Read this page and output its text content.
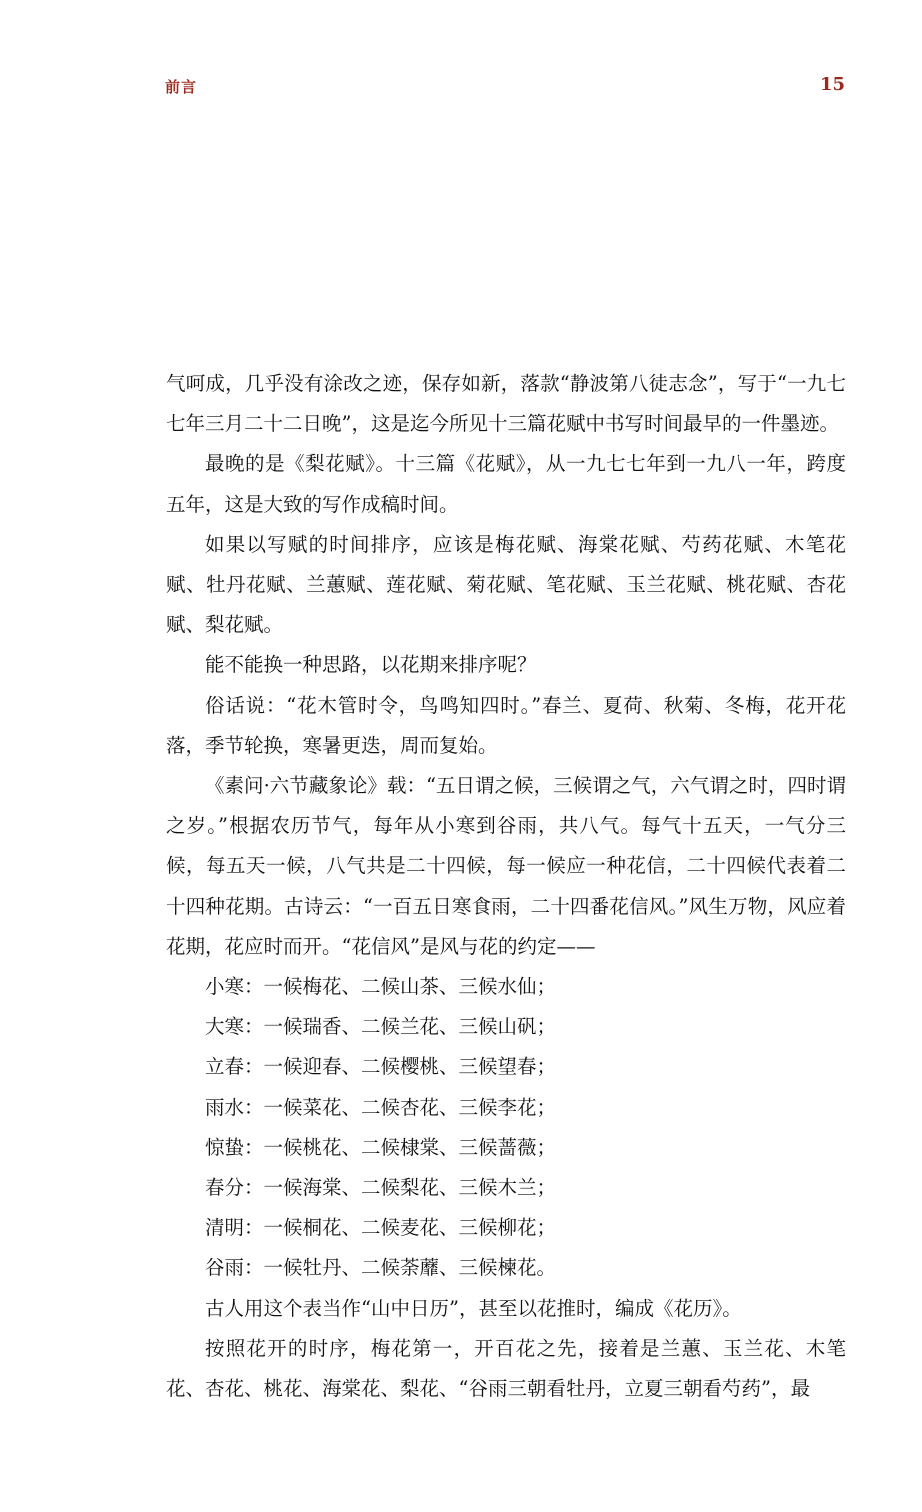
前言	15

气呵成，几乎没有涂改之迹，保存如新，落款“静波第八徒志念”，写于“一九七七年三月二十二日晚”，这是迄今所见十三篇花赋中书写时间最早的一件墨迹。

最晚的是《梨花赋》。十三篇《花赋》，从一九七七年到一九八一年，跨度五年，这是大致的写作成稿时间。

如果以写赋的时间排序，应该是梅花赋、海棠花赋、芍药花赋、木笔花赋、牡丹花赋、兰蕙赋、莲花赋、菊花赋、笔花赋、玉兰花赋、桃花赋、杏花赋、梨花赋。

能不能换一种思路，以花期来排序呢？

俗话说：“花木管时令，鸟鸣知四时。”春兰、夏荷、秋菊、冬梅，花开花落，季节轮换，寒暑更迭，周而复始。

《素问·六节藏象论》载：“五日谓之候，三候谓之气，六气谓之时，四时谓之岁。”根据农历节气，每年从小寒到谷雨，共八气。每气十五天，一气分三候，每五天一候，八气共是二十四候，每一候应一种花信，二十四候代表着二十四种花期。古诗云：“一百五日寒食雨，二十四番花信风。”风生万物，风应着花期，花应时而开。“花信风”是风与花的约定——

小寒：一候梅花、二候山茶、三候水仙；

大寒：一候瑞香、二候兰花、三候山矾；

立春：一候迎春、二候樱桃、三候望春；

雨水：一候菜花、二候杏花、三候李花；

惊蛰：一候桃花、二候棣棠、三候蔷薇；

春分：一候海棠、二候梨花、三候木兰；

清明：一候桐花、二候麦花、三候柳花；

谷雨：一候牡丹、二候荼蘼、三候楝花。

古人用这个表当作“山中日历”，甚至以花推时，编成《花历》。

按照花开的时序，梅花第一，开百花之先，接着是兰蕙、玉兰花、木笔花、杏花、桃花、海棠花、梨花、“谷雨三朝看牡丹，立夏三朝看芍药”，最
